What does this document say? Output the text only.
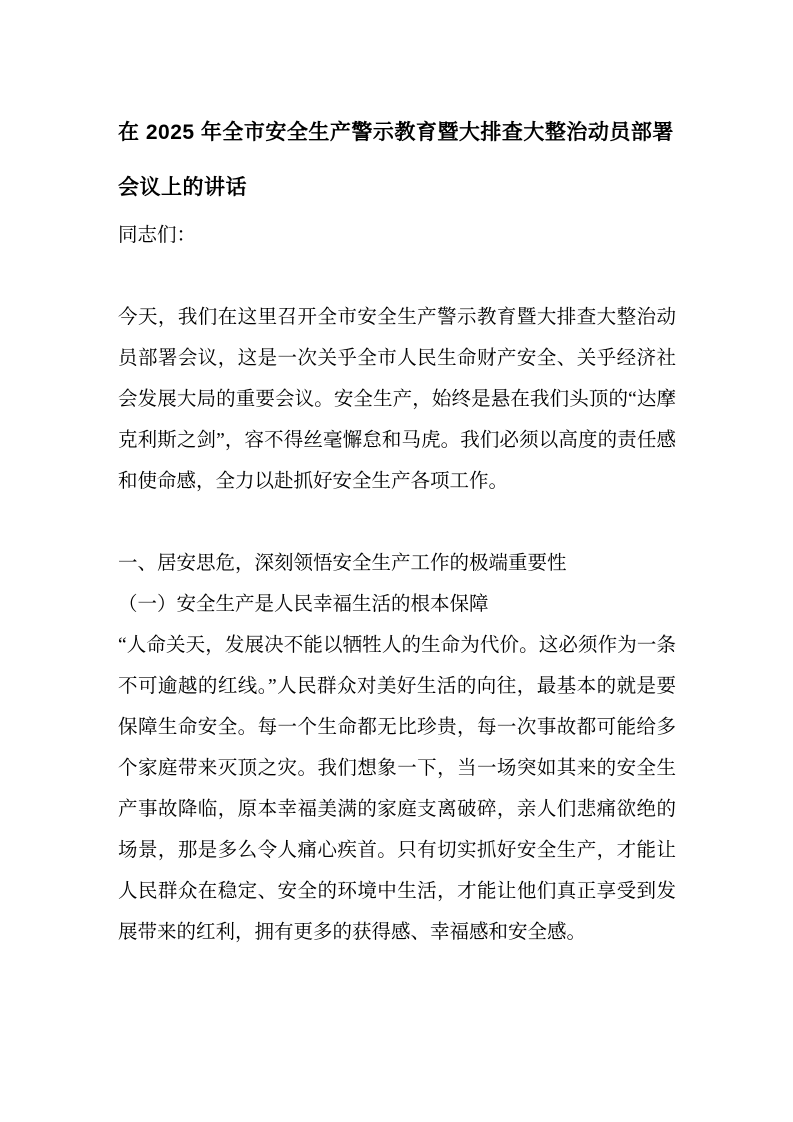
在 2025 年全市安全生产警示教育暨大排查大整治动员部署会议上的讲话

同志们：

今天，我们在这里召开全市安全生产警示教育暨大排查大整治动员部署会议，这是一次关乎全市人民生命财产安全、关乎经济社会发展大局的重要会议。安全生产，始终是悬在我们头顶的“达摩克利斯之剑”，容不得丝毫懈怠和马虎。我们必须以高度的责任感和使命感，全力以赴抓好安全生产各项工作。

一、居安思危，深刻领悟安全生产工作的极端重要性

（一）安全生产是人民幸福生活的根本保障

“人命关天，发展决不能以牺牲人的生命为代价。这必须作为一条不可逾越的红线。”人民群众对美好生活的向往，最基本的就是要保障生命安全。每一个生命都无比珍贵，每一次事故都可能给多个家庭带来灭顶之灾。我们想象一下，当一场突如其来的安全生产事故降临，原本幸福美满的家庭支离破碎，亲人们悲痛欲绝的场景，那是多么令人痛心疾首。只有切实抓好安全生产，才能让人民群众在稳定、安全的环境中生活，才能让他们真正享受到发展带来的红利，拥有更多的获得感、幸福感和安全感。
